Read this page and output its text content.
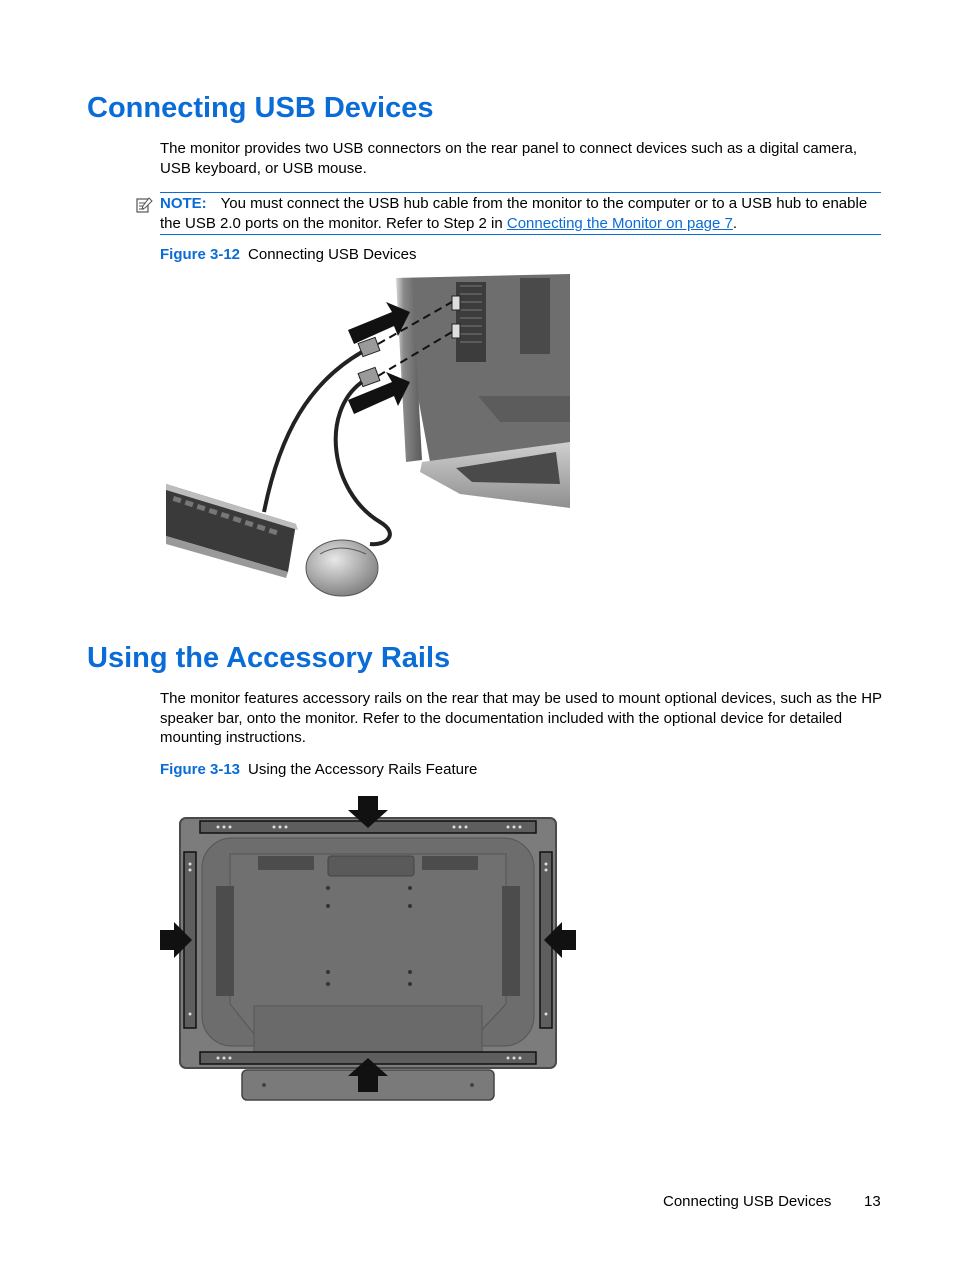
Connecting USB Devices

The monitor provides two USB connectors on the rear panel to connect devices such as a digital camera, USB keyboard, or USB mouse.

NOTE: You must connect the USB hub cable from the monitor to the computer or to a USB hub to enable the USB 2.0 ports on the monitor. Refer to Step 2 in Connecting the Monitor on page 7.
Figure 3-12 Connecting USB Devices
Using the Accessory Rails

The monitor features accessory rails on the rear that may be used to mount optional devices, such as the HP speaker bar, onto the monitor. Refer to the documentation included with the optional device for detailed mounting instructions.

Figure 3-13 Using the Accessory Rails Feature
Connecting USB Devices 13
